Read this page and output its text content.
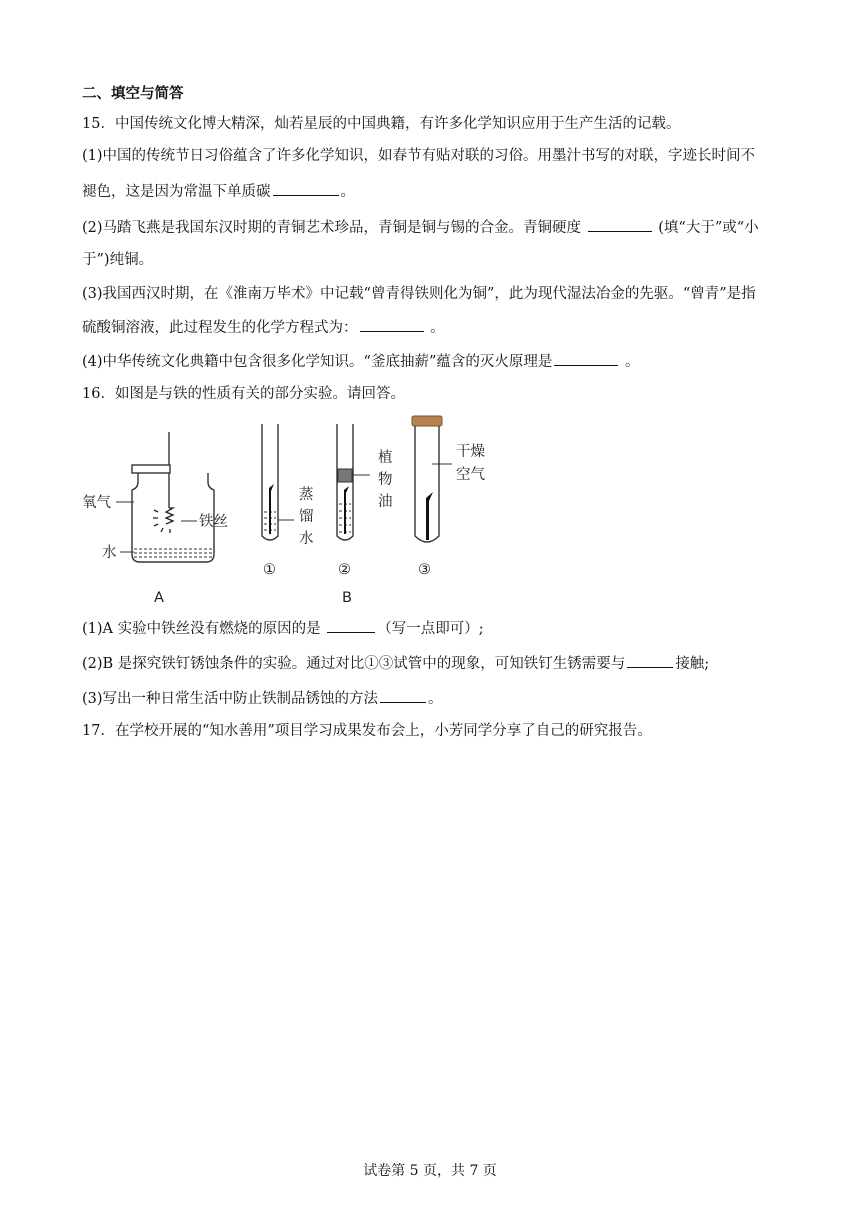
二、填空与简答
15．中国传统文化博大精深，灿若星辰的中国典籍，有许多化学知识应用于生产生活的记载。
(1)中国的传统节日习俗蕴含了许多化学知识，如春节有贴对联的习俗。用墨汁书写的对联，字迹长时间不
褪色，这是因为常温下单质碳	。
(2)马踏飞燕是我国东汉时期的青铜艺术珍品，青铜是铜与锡的合金。青铜硬度	(填“大于”或“小
于”)纯铜。
(3)我国西汉时期，在《淮南万毕术》中记载“曾青得铁则化为铜”，此为现代湿法冶金的先驱。“曾青”是指
硫酸铜溶液，此过程发生的化学方程式为：	。
(4)中华传统文化典籍中包含很多化学知识。“釜底抽薪”蕴含的灭火原理是	。
16．如图是与铁的性质有关的部分实验。请回答。
氧气
铁丝
水
A
①
蒸
馏
水
②
植
物
油
③
干燥
空气
B
(1)A 实验中铁丝没有燃烧的原因的是	（写一点即可）;
(2)B 是探究铁钉锈蚀条件的实验。通过对比①③试管中的现象，可知铁钉生锈需要与	接触;
(3)写出一种日常生活中防止铁制品锈蚀的方法	。
17．在学校开展的“知水善用”项目学习成果发布会上，小芳同学分享了自己的研究报告。
试卷第 5 页，共 7 页
